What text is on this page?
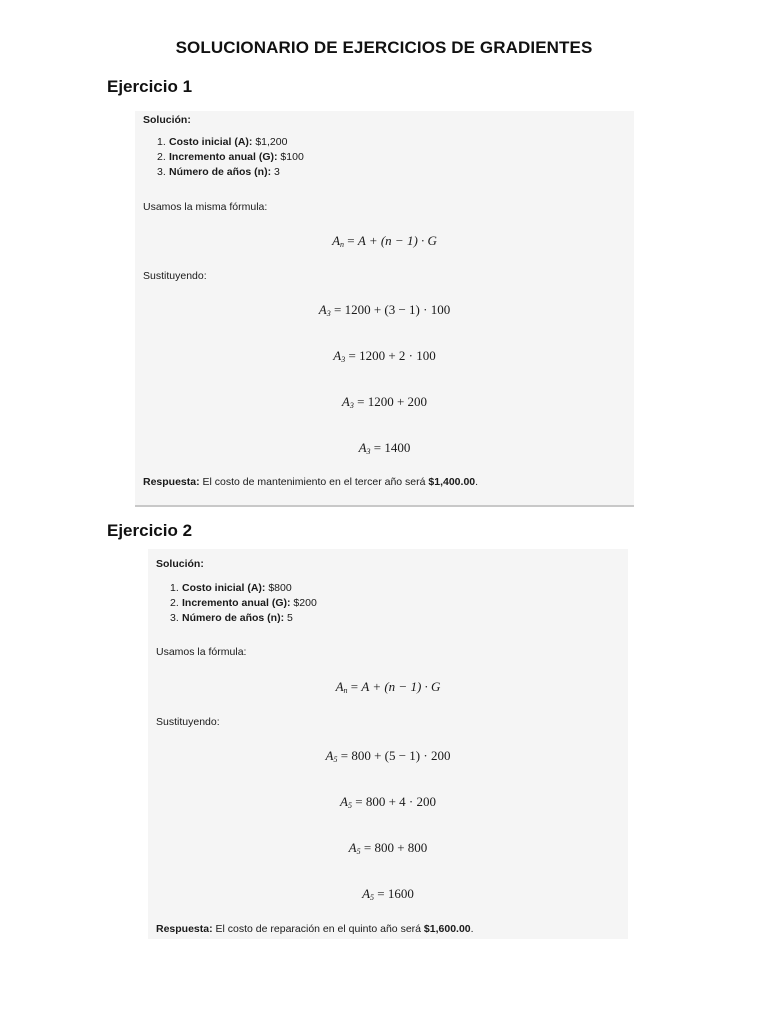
SOLUCIONARIO DE EJERCICIOS DE GRADIENTES
Ejercicio 1
Solución:
1. Costo inicial (A): $1,200
2. Incremento anual (G): $100
3. Número de años (n): 3
Usamos la misma fórmula:
$A_n = A + (n - 1) \cdot G$
Sustituyendo:
$A_3 = 1200 + (3 - 1) \cdot 100$
$A_3 = 1200 + 2 \cdot 100$
$A_3 = 1200 + 200$
$A_3 = 1400$
Respuesta: El costo de mantenimiento en el tercer año será $1,400.00.
Ejercicio 2
Solución:
1. Costo inicial (A): $800
2. Incremento anual (G): $200
3. Número de años (n): 5
Usamos la fórmula:
$A_n = A + (n - 1) \cdot G$
Sustituyendo:
$A_5 = 800 + (5 - 1) \cdot 200$
$A_5 = 800 + 4 \cdot 200$
$A_5 = 800 + 800$
$A_5 = 1600$
Respuesta: El costo de reparación en el quinto año será $1,600.00.
